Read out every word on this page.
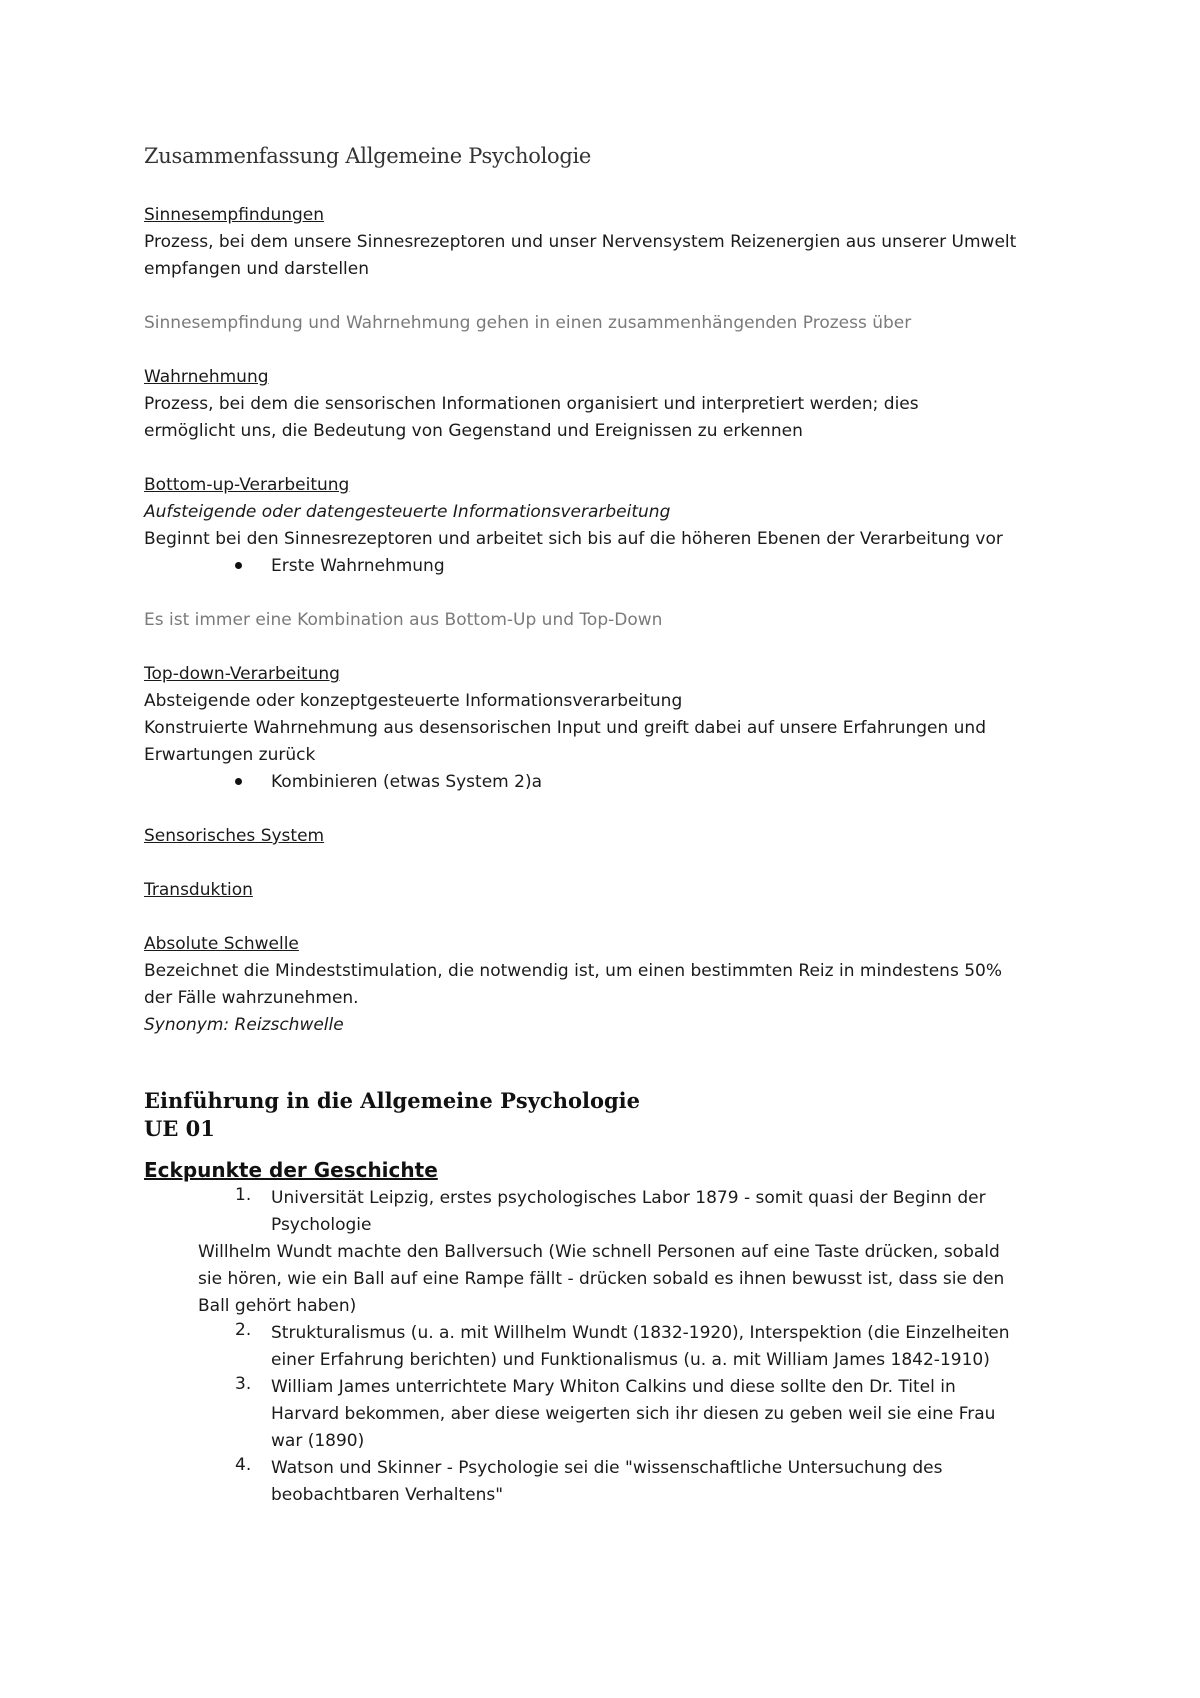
Zusammenfassung Allgemeine Psychologie
Sinnesempfindungen
Prozess, bei dem unsere Sinnesrezeptoren und unser Nervensystem Reizenergien aus unserer Umwelt
empfangen und darstellen
Sinnesempfindung und Wahrnehmung gehen in einen zusammenhängenden Prozess über
Wahrnehmung
Prozess, bei dem die sensorischen Informationen organisiert und interpretiert werden; dies
ermöglicht uns, die Bedeutung von Gegenstand und Ereignissen zu erkennen
Bottom-up-Verarbeitung
Aufsteigende oder datengesteuerte Informationsverarbeitung
Beginnt bei den Sinnesrezeptoren und arbeitet sich bis auf die höheren Ebenen der Verarbeitung vor
Erste Wahrnehmung
Es ist immer eine Kombination aus Bottom-Up und Top-Down
Top-down-Verarbeitung
Absteigende oder konzeptgesteuerte Informationsverarbeitung
Konstruierte Wahrnehmung aus desensorischen Input und greift dabei auf unsere Erfahrungen und
Erwartungen zurück
Kombinieren (etwas System 2)a
Sensorisches System
Transduktion
Absolute Schwelle
Bezeichnet die Mindeststimulation, die notwendig ist, um einen bestimmten Reiz in mindestens 50%
der Fälle wahrzunehmen.
Synonym: Reizschwelle
Einführung in die Allgemeine Psychologie
UE 01
Eckpunkte der Geschichte
1. Universität Leipzig, erstes psychologisches Labor 1879 - somit quasi der Beginn der
Psychologie
Willhelm Wundt machte den Ballversuch (Wie schnell Personen auf eine Taste drücken, sobald
sie hören, wie ein Ball auf eine Rampe fällt - drücken sobald es ihnen bewusst ist, dass sie den
Ball gehört haben)
2. Strukturalismus (u. a. mit Willhelm Wundt (1832-1920), Interspektion (die Einzelheiten
einer Erfahrung berichten) und Funktionalismus (u. a. mit William James 1842-1910)
3. William James unterrichtete Mary Whiton Calkins und diese sollte den Dr. Titel in
Harvard bekommen, aber diese weigerten sich ihr diesen zu geben weil sie eine Frau
war (1890)
4. Watson und Skinner - Psychologie sei die "wissenschaftliche Untersuchung des
beobachtbaren Verhaltens"
